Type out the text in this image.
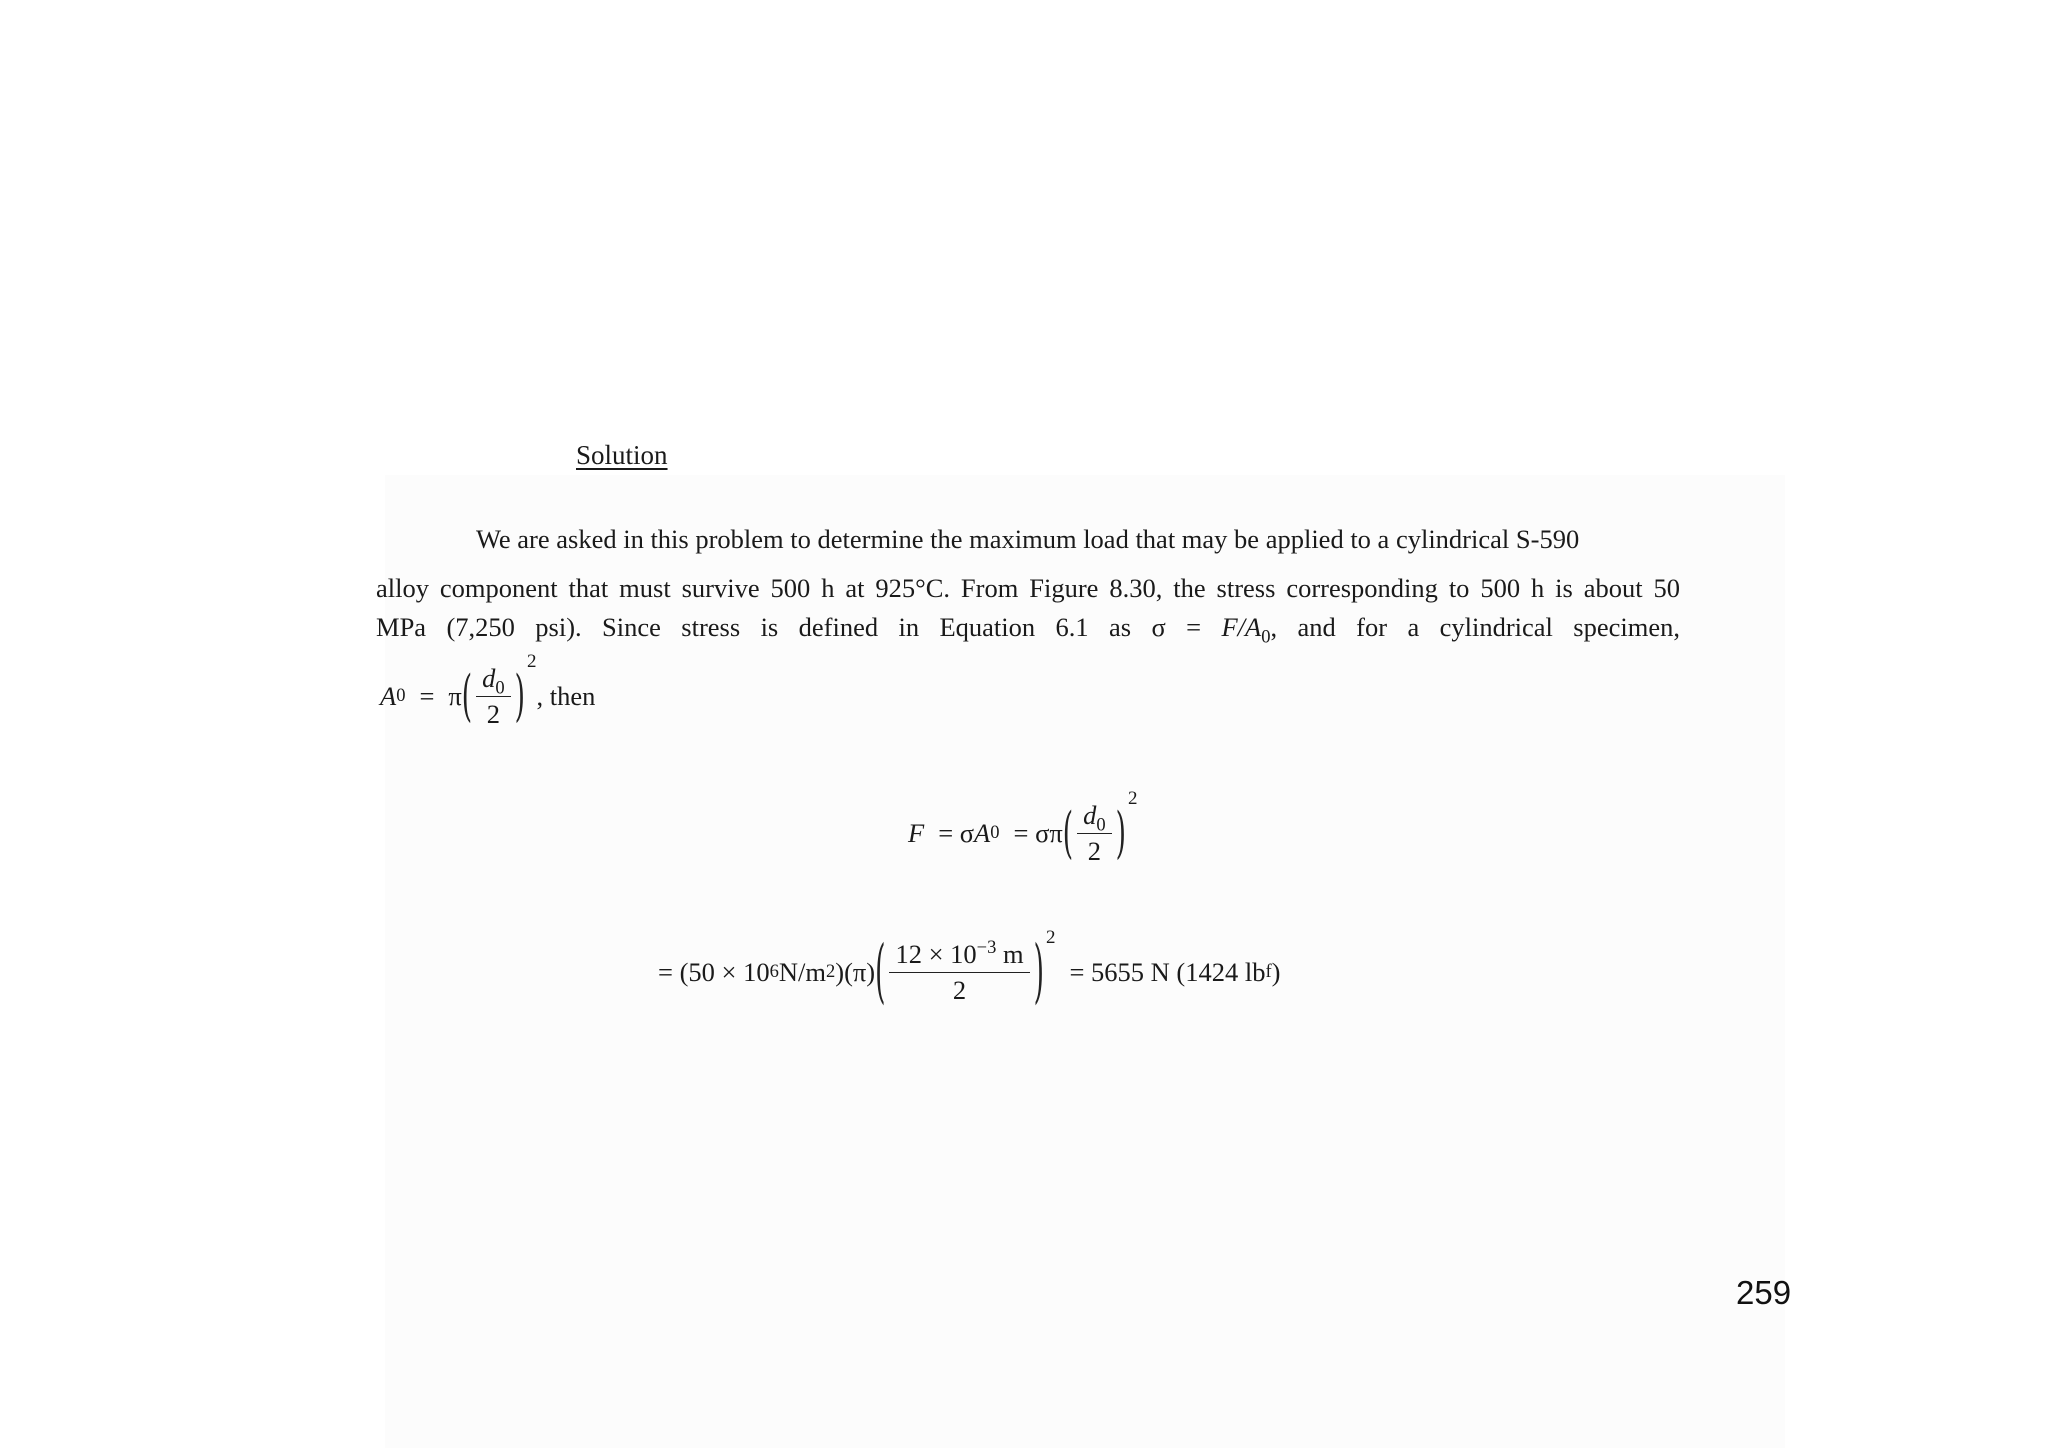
Solution

We are asked in this problem to determine the maximum load that may be applied to a cylindrical S-590

alloy component that must survive 500 h at 925°C. From Figure 8.30, the stress corresponding to 500 h is about 50

MPa (7,250 psi). Since stress is defined in Equation 6.1 as $\sigma = F/A_0$, and for a cylindrical specimen,

A 0 = π ( $\frac{d_0}{2}$ )
2
, then
F = σ A 0 = σπ ( $\frac{d_0}{2}$ )
2
= (50 × 10 6 N/m 2 )(π) ( $\frac{12 \times 10^{-3} m}{2}$ ) 2
= 5655 N (1424 lb f )
259
